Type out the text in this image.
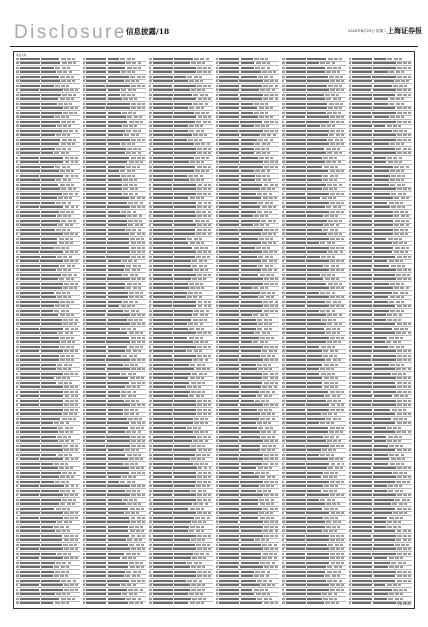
Disclosure 信息披露/18	2020年6月23日 星期二 上海证券报
基金名称
(下转 18 版)
